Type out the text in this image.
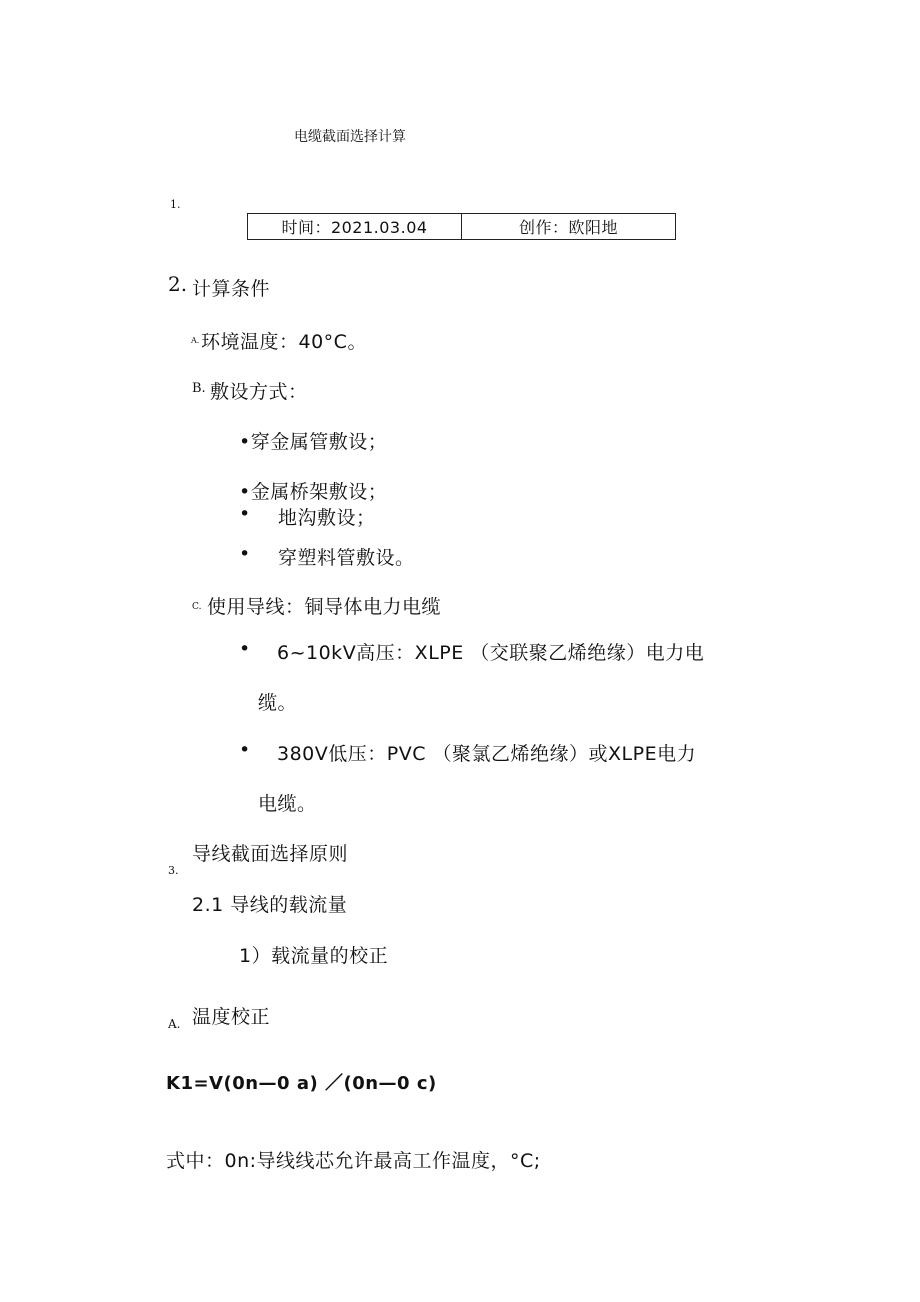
电缆截面选择计算
1.
时间：2021.03.04	创作：欧阳地
2. 计算条件
A. 环境温度：40°C。
B. 敷设方式：
•穿金属管敷设；
•金属桥架敷设；
• 地沟敷设；
• 穿塑料管敷设。
C. 使用导线：铜导体电力电缆
• 6~10kV高压：XLPE （交联聚乙烯绝缘）电力电
缆。
• 380V低压：PVC （聚氯乙烯绝缘）或XLPE电力
电缆。
导线截面选择原则
3.
2.1 导线的载流量
1）载流量的校正
温度校正
A.
K1=V(0n—0 a) ／(0n—0 c)
式中：0n:导线线芯允许最高工作温度，°C;
